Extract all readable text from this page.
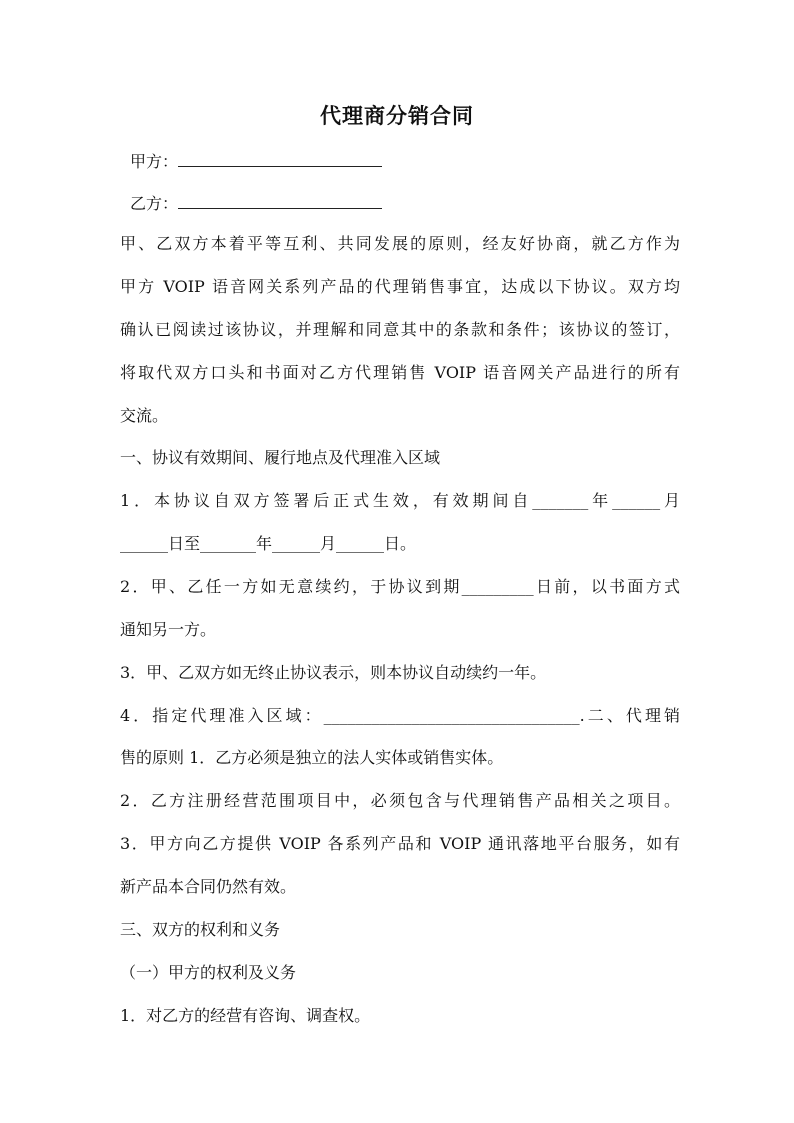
代理商分销合同
甲方：
乙方：
甲、乙双方本着平等互利、共同发展的原则，经友好协商，就乙方作为
甲方 VOIP 语音网关系列产品的代理销售事宜，达成以下协议。双方均
确认已阅读过该协议，并理解和同意其中的条款和条件；该协议的签订，
将取代双方口头和书面对乙方代理销售 VOIP 语音网关产品进行的所有
交流。
一、协议有效期间、履行地点及代理准入区域
1．本协议自双方签署后正式生效，有效期间自_______年______月
______日至_______年______月______日。
2．甲、乙任一方如无意续约，于协议到期_________日前，以书面方式
通知另一方。
3．甲、乙双方如无终止协议表示，则本协议自动续约一年。
4．指定代理准入区域：________________________________.二、代理销
售的原则 1．乙方必须是独立的法人实体或销售实体。
2．乙方注册经营范围项目中，必须包含与代理销售产品相关之项目。
3．甲方向乙方提供 VOIP 各系列产品和 VOIP 通讯落地平台服务，如有
新产品本合同仍然有效。
三、双方的权利和义务
（一）甲方的权利及义务
1．对乙方的经营有咨询、调查权。
